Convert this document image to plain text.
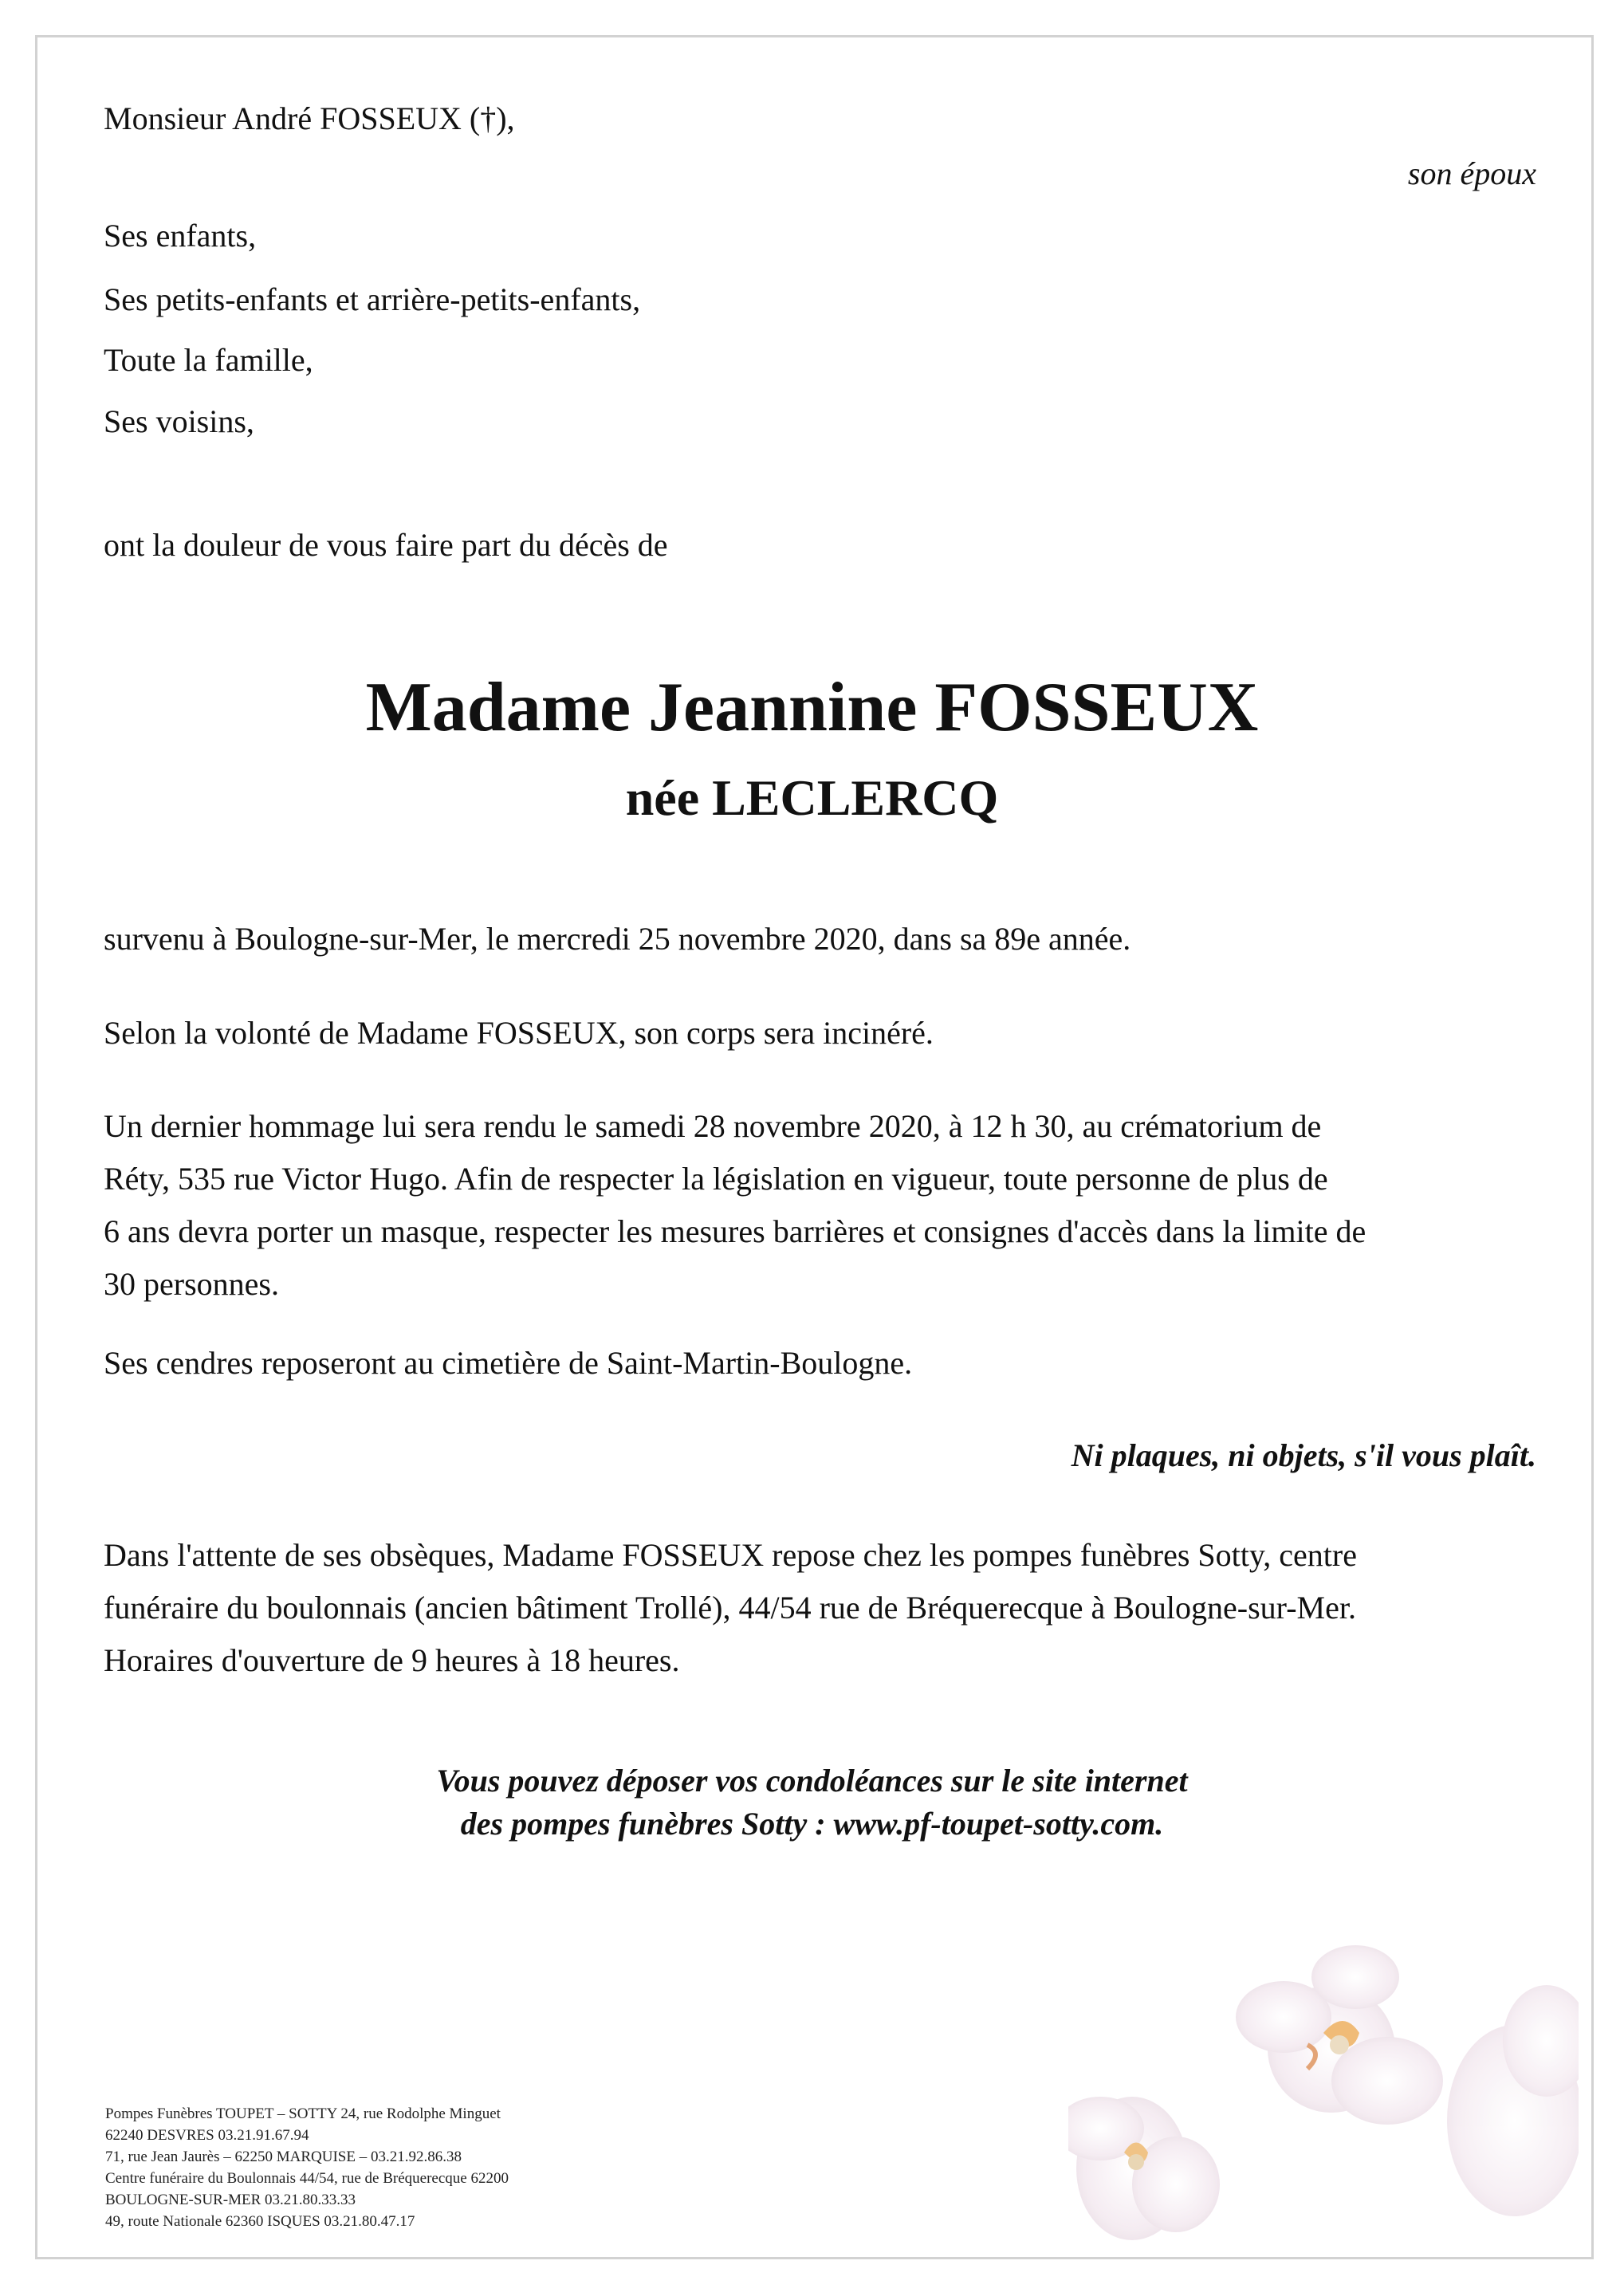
Monsieur André FOSSEUX (†),
son époux
Ses enfants,
Ses petits-enfants et arrière-petits-enfants,
Toute la famille,
Ses voisins,
ont la douleur de vous faire part du décès de
Madame Jeannine FOSSEUX
née LECLERCQ
survenu à Boulogne-sur-Mer, le mercredi 25 novembre 2020, dans sa 89e année.
Selon la volonté de Madame FOSSEUX, son corps sera incinéré.
Un dernier hommage lui sera rendu le samedi 28 novembre 2020, à 12 h 30, au crématorium de
Réty, 535 rue Victor Hugo. Afin de respecter la législation en vigueur, toute personne de plus de
6 ans devra porter un masque, respecter les mesures barrières et consignes d'accès dans la limite de
30 personnes.
Ses cendres reposeront au cimetière de Saint-Martin-Boulogne.
Ni plaques, ni objets, s'il vous plaît.
Dans l'attente de ses obsèques, Madame FOSSEUX repose chez les pompes funèbres Sotty, centre
funéraire du boulonnais (ancien bâtiment Trollé), 44/54 rue de Bréquerecque à Boulogne-sur-Mer.
Horaires d'ouverture de 9 heures à 18 heures.
Vous pouvez déposer vos condoléances sur le site internet
des pompes funèbres Sotty : www.pf-toupet-sotty.com.
Pompes Funèbres TOUPET – SOTTY 24, rue Rodolphe Minguet
62240 DESVRES 03.21.91.67.94
71, rue Jean Jaurès – 62250 MARQUISE – 03.21.92.86.38
Centre funéraire du Boulonnais 44/54, rue de Bréquerecque 62200
BOULOGNE-SUR-MER 03.21.80.33.33
49, route Nationale 62360 ISQUES 03.21.80.47.17
